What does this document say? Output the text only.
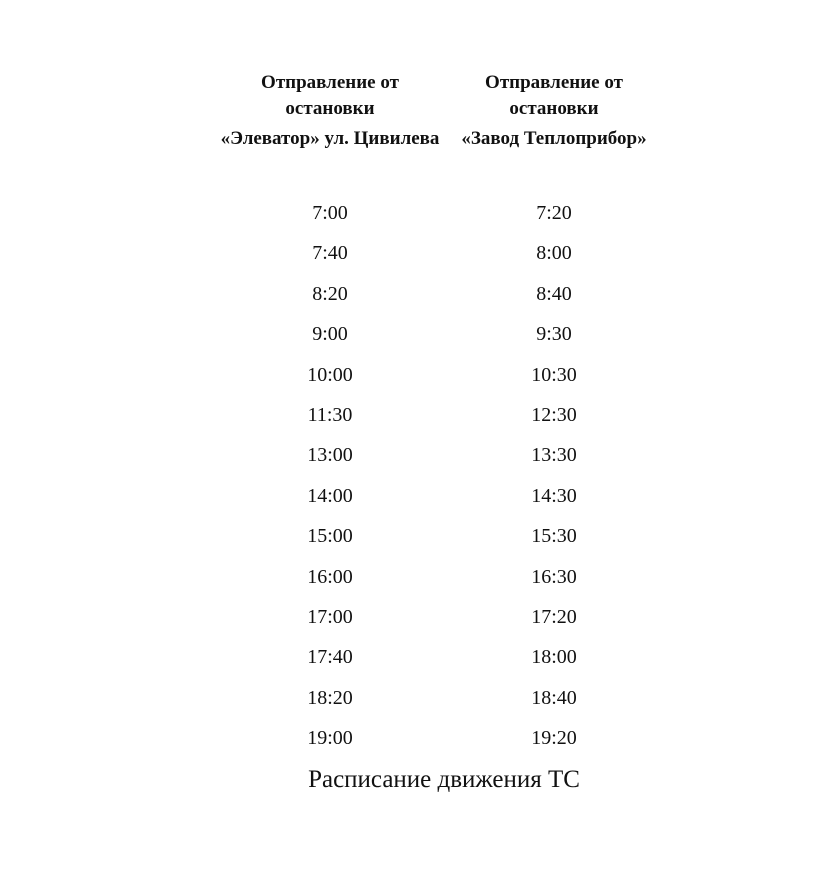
Отправление от остановки
«Элеватор» ул. Цивилева
7:00
7:40
8:20
9:00
10:00
11:30
13:00
14:00
15:00
16:00
17:00
17:40
18:20
19:00
Отправление от остановки
«Завод Теплоприбор»
7:20
8:00
8:40
9:30
10:30
12:30
13:30
14:30
15:30
16:30
17:20
18:00
18:40
19:20
Расписание движения ТС
